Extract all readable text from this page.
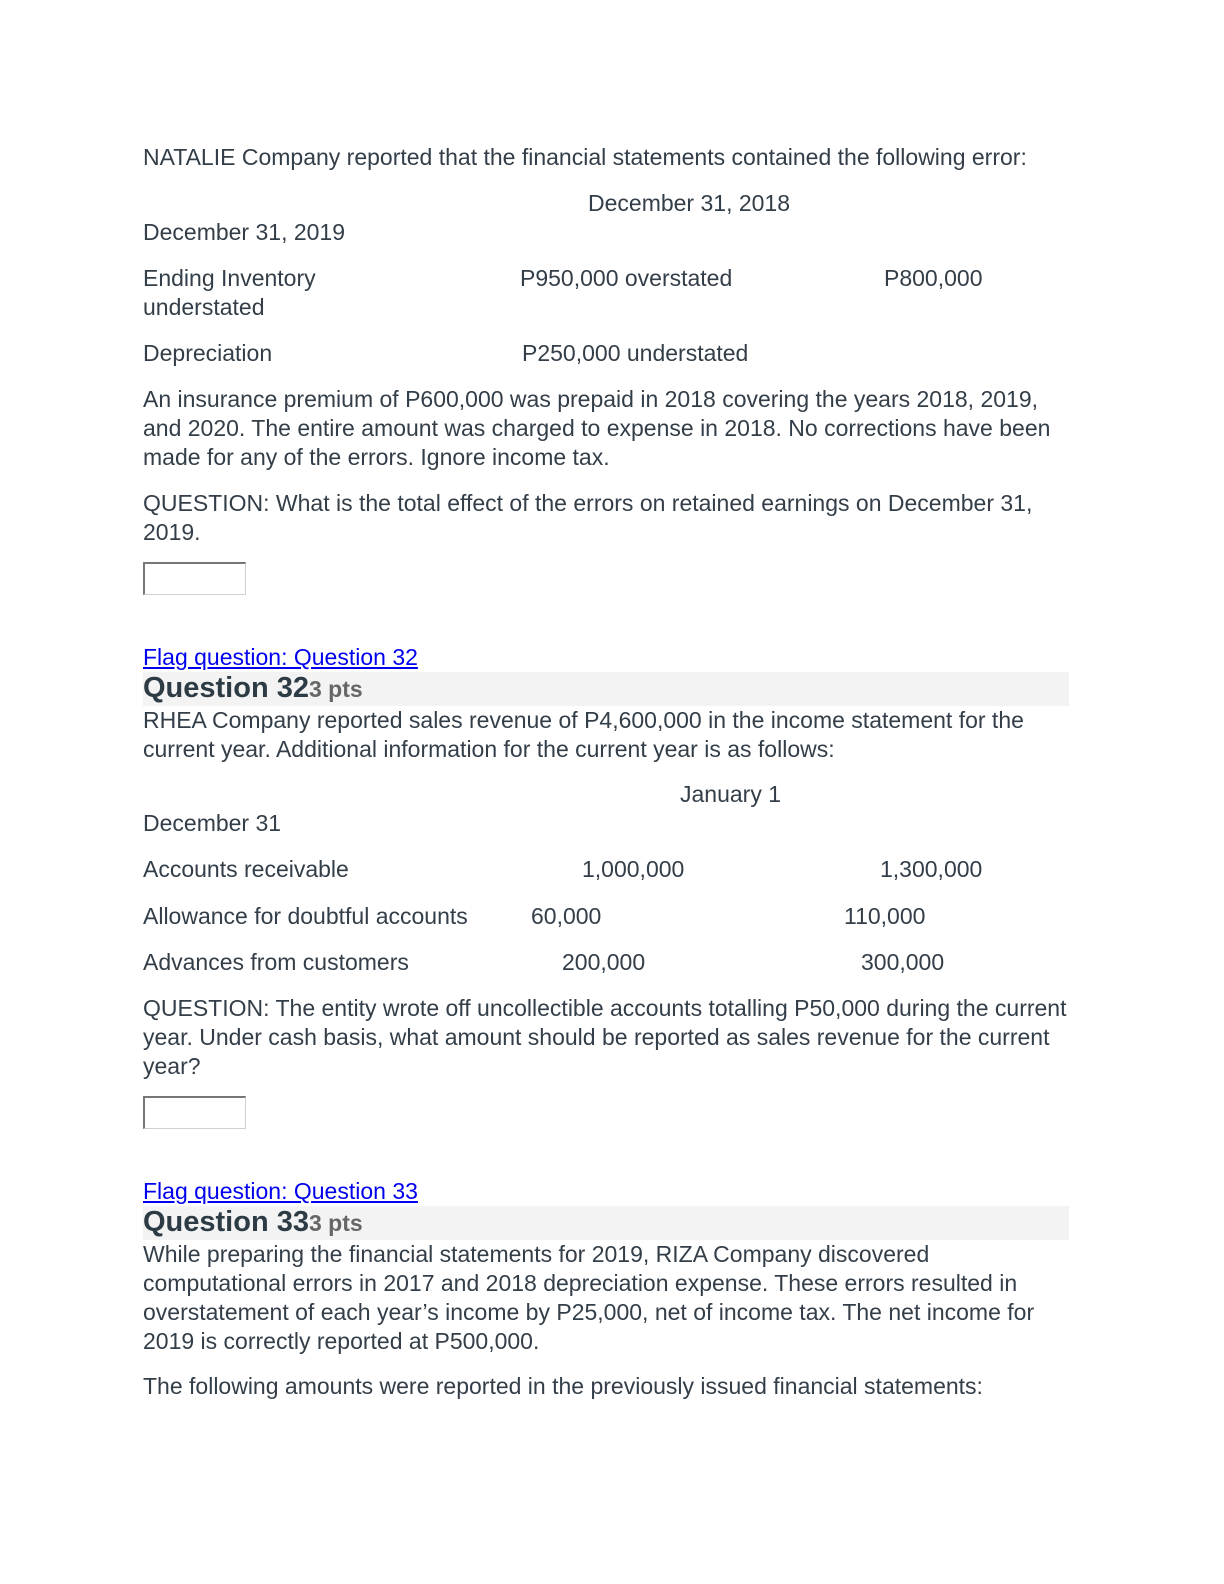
NATALIE Company reported that the financial statements contained the following error:
December 31, 2018
December 31, 2019
Ending Inventory	P950,000 overstated	P800,000
understated
Depreciation	P250,000 understated
An insurance premium of P600,000 was prepaid in 2018 covering the years 2018, 2019, and 2020. The entire amount was charged to expense in 2018. No corrections have been made for any of the errors. Ignore income tax.
QUESTION: What is the total effect of the errors on retained earnings on December 31, 2019.
Flag question: Question 32
Question 323 pts
RHEA Company reported sales revenue of P4,600,000 in the income statement for the current year. Additional information for the current year is as follows:
January 1
December 31
Accounts receivable	1,000,000	1,300,000
Allowance for doubtful accounts	60,000	110,000
Advances from customers	200,000	300,000
QUESTION: The entity wrote off uncollectible accounts totalling P50,000 during the current year. Under cash basis, what amount should be reported as sales revenue for the current year?
Flag question: Question 33
Question 333 pts
While preparing the financial statements for 2019, RIZA Company discovered computational errors in 2017 and 2018 depreciation expense. These errors resulted in overstatement of each year’s income by P25,000, net of income tax. The net income for 2019 is correctly reported at P500,000.
The following amounts were reported in the previously issued financial statements:
